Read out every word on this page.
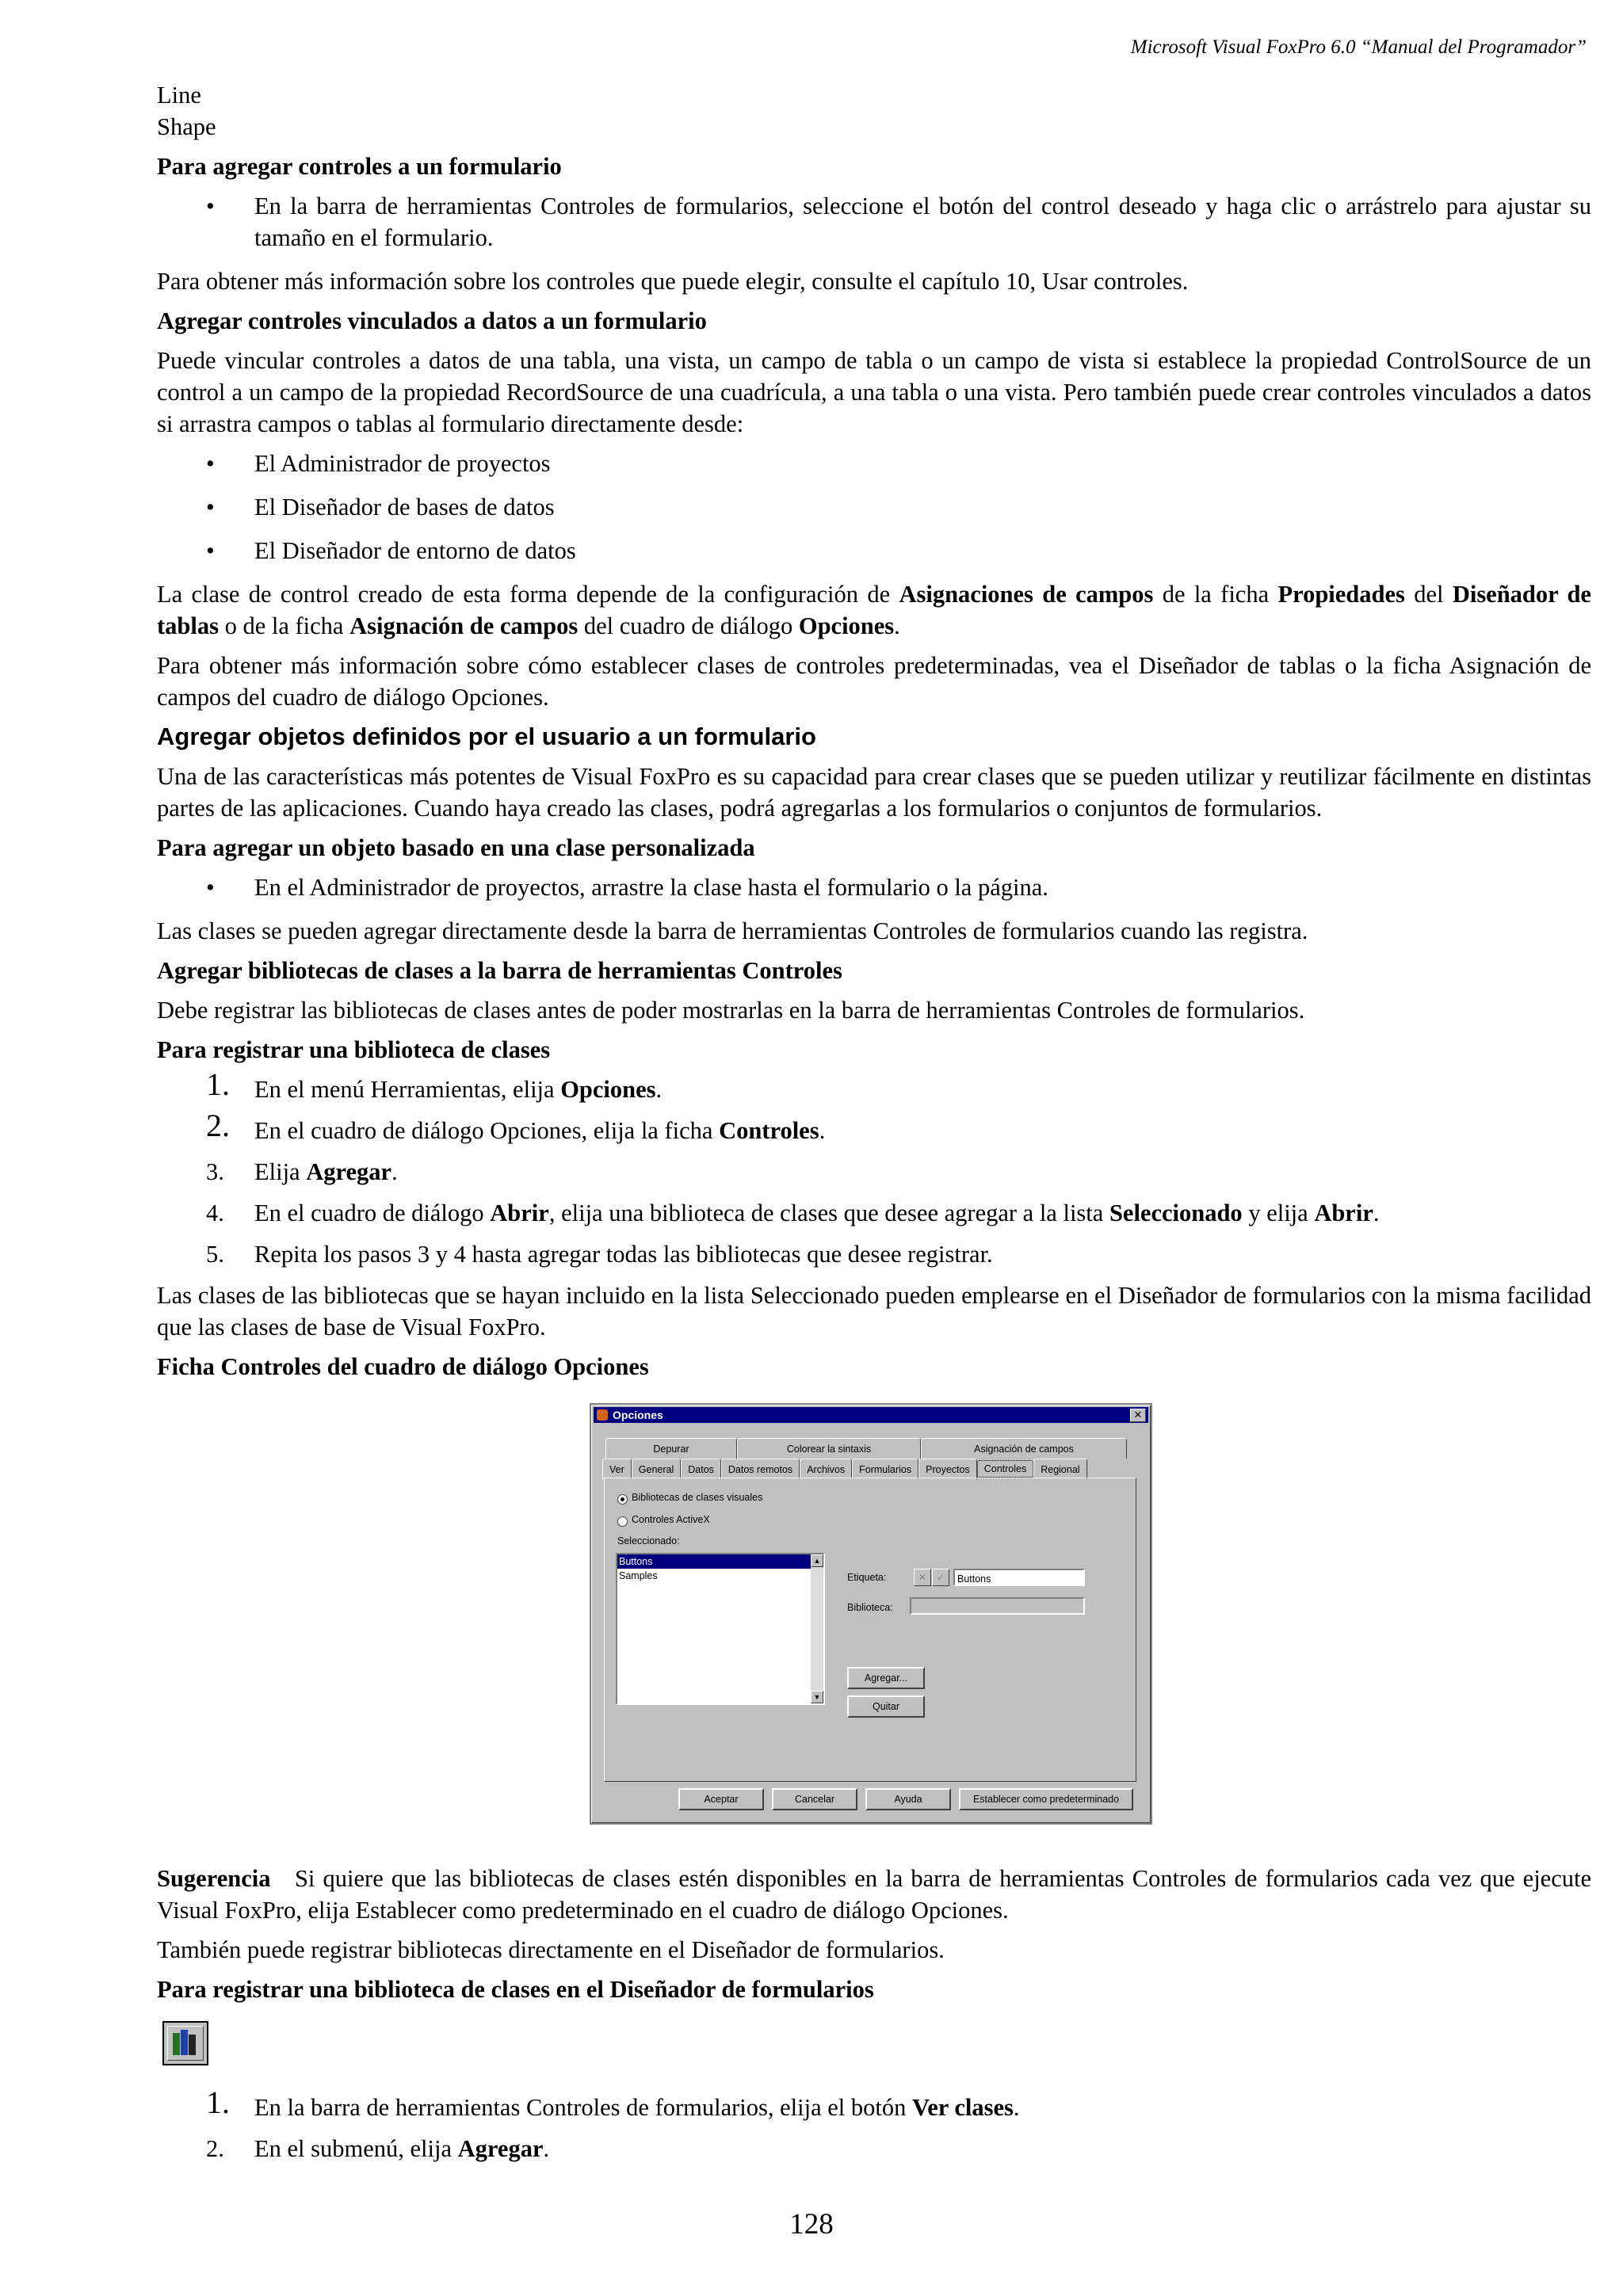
Microsoft Visual FoxPro 6.0 “Manual del Programador”
Line
Shape
Para agregar controles a un formulario
• En la barra de herramientas Controles de formularios, seleccione el botón del control deseado y haga clic o arrástrelo para ajustar su tamaño en el formulario.
Para obtener más información sobre los controles que puede elegir, consulte el capítulo 10, Usar controles.
Agregar controles vinculados a datos a un formulario
Puede vincular controles a datos de una tabla, una vista, un campo de tabla o un campo de vista si establece la propiedad ControlSource de un control a un campo de la propiedad RecordSource de una cuadrícula, a una tabla o una vista. Pero también puede crear controles vinculados a datos si arrastra campos o tablas al formulario directamente desde:
• El Administrador de proyectos
• El Diseñador de bases de datos
• El Diseñador de entorno de datos
La clase de control creado de esta forma depende de la configuración de Asignaciones de campos de la ficha Propiedades del Diseñador de tablas o de la ficha Asignación de campos del cuadro de diálogo Opciones.
Para obtener más información sobre cómo establecer clases de controles predeterminadas, vea el Diseñador de tablas o la ficha Asignación de campos del cuadro de diálogo Opciones.
Agregar objetos definidos por el usuario a un formulario
Una de las características más potentes de Visual FoxPro es su capacidad para crear clases que se pueden utilizar y reutilizar fácilmente en distintas partes de las aplicaciones. Cuando haya creado las clases, podrá agregarlas a los formularios o conjuntos de formularios.
Para agregar un objeto basado en una clase personalizada
• En el Administrador de proyectos, arrastre la clase hasta el formulario o la página.
Las clases se pueden agregar directamente desde la barra de herramientas Controles de formularios cuando las registra.
Agregar bibliotecas de clases a la barra de herramientas Controles
Debe registrar las bibliotecas de clases antes de poder mostrarlas en la barra de herramientas Controles de formularios.
Para registrar una biblioteca de clases
1. En el menú Herramientas, elija Opciones.
2. En el cuadro de diálogo Opciones, elija la ficha Controles.
3. Elija Agregar.
4. En el cuadro de diálogo Abrir, elija una biblioteca de clases que desee agregar a la lista Seleccionado y elija Abrir.
5. Repita los pasos 3 y 4 hasta agregar todas las bibliotecas que desee registrar.
Las clases de las bibliotecas que se hayan incluido en la lista Seleccionado pueden emplearse en el Diseñador de formularios con la misma facilidad que las clases de base de Visual FoxPro.
Ficha Controles del cuadro de diálogo Opciones
Opciones	✕
Depurar	Colorear la sintaxis	Asignación de campos
Ver	General	Datos	Datos remotos	Archivos	Formularios	Proyectos	Controles	Regional
Bibliotecas de clases visuales
Controles ActiveX
Seleccionado:
Buttons
Samples
▲
▼
Etiqueta:	✕	✓	Buttons
Biblioteca:
Agregar...
Quitar
Aceptar	Cancelar	Ayuda	Establecer como predeterminado
Sugerencia Si quiere que las bibliotecas de clases estén disponibles en la barra de herramientas Controles de formularios cada vez que ejecute Visual FoxPro, elija Establecer como predeterminado en el cuadro de diálogo Opciones.
También puede registrar bibliotecas directamente en el Diseñador de formularios.
Para registrar una biblioteca de clases en el Diseñador de formularios
1. En la barra de herramientas Controles de formularios, elija el botón Ver clases.
2. En el submenú, elija Agregar.
128
